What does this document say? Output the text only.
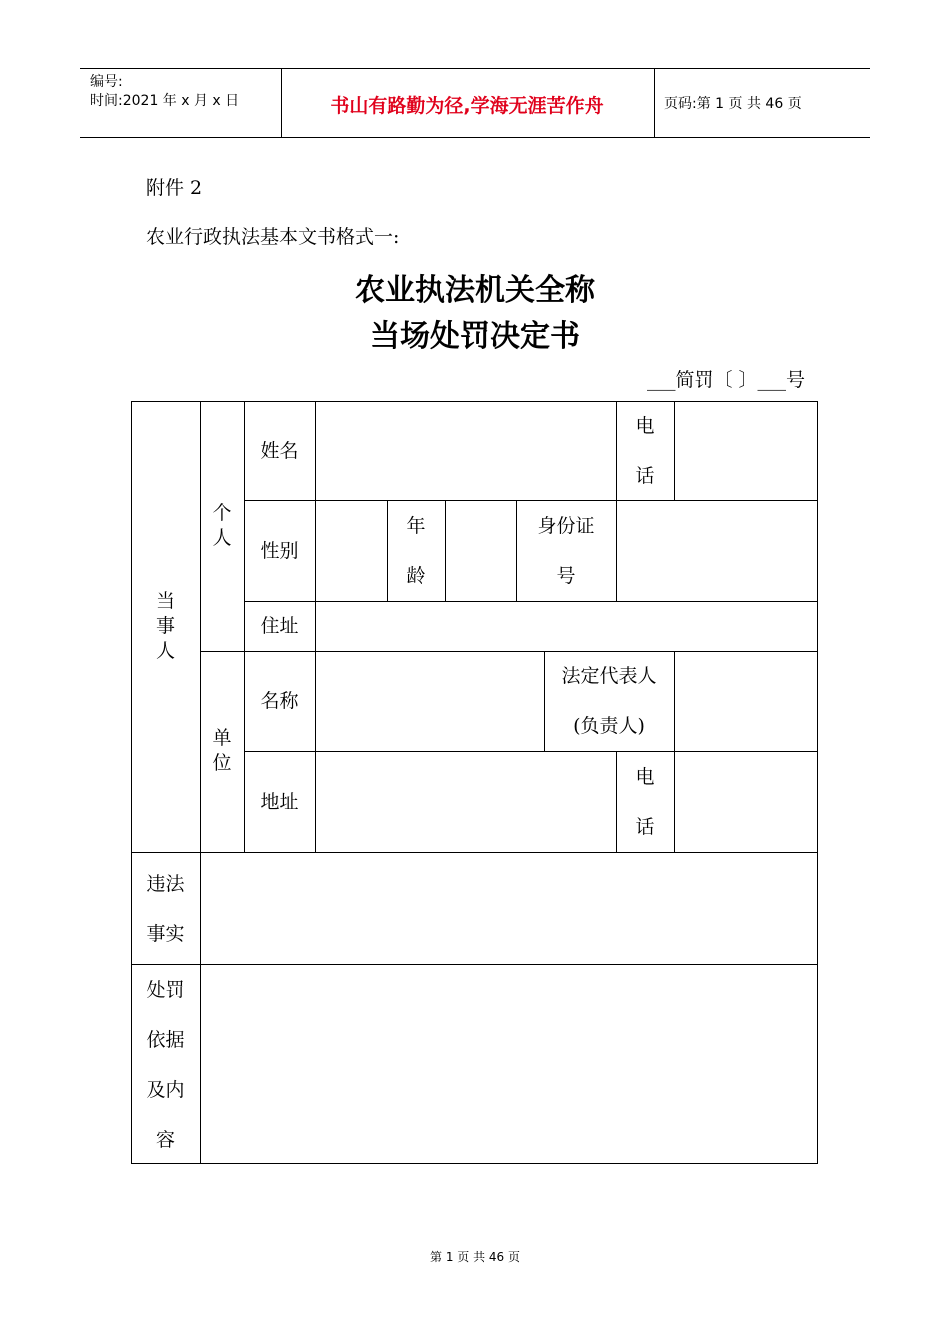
编号:
时间:2021 年 x 月 x 日	书山有路勤为径,学海无涯苦作舟	页码:第 1 页 共 46 页
附件 2
农业行政执法基本文书格式一:
农业执法机关全称
当场处罚决定书
___简罚〔 〕___号
当事人
个人
单位
姓名
电话
性别
年龄
身份证号
住址
名称
法定代表人
(负责人)
地址
电话
违法事实
处罚依据及内容
第 1 页 共 46 页
